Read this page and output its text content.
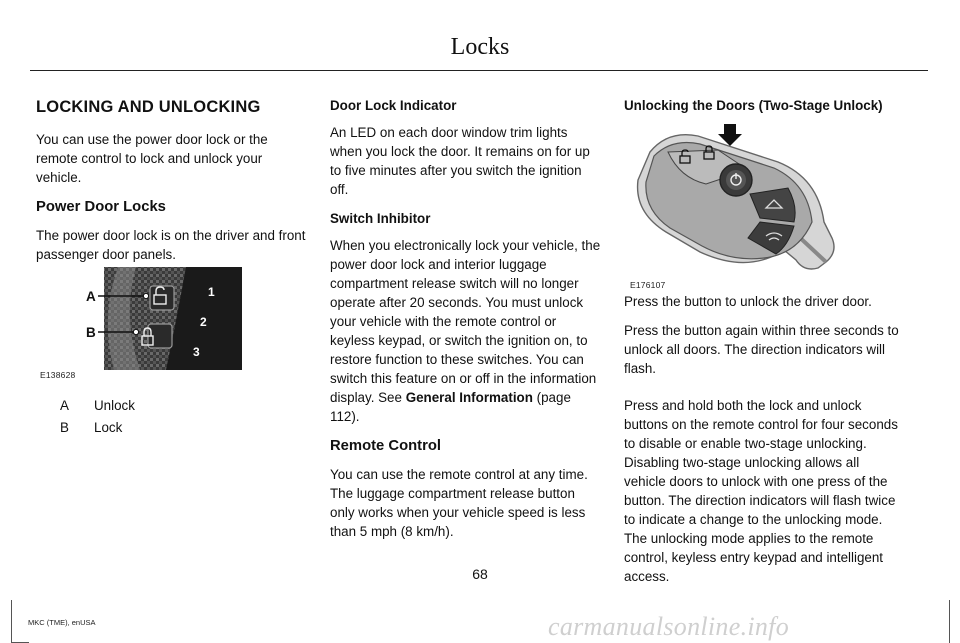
Locks
LOCKING AND UNLOCKING

You can use the power door lock or the remote control to lock and unlock your vehicle.

Power Door Locks

The power door lock is on the driver and front passenger door panels.

A
B
1
2
3
E138628
A Unlock
B Lock
Door Lock Indicator

An LED on each door window trim lights when you lock the door. It remains on for up to five minutes after you switch the ignition off.

Switch Inhibitor

When you electronically lock your vehicle, the power door lock and interior luggage compartment release switch will no longer operate after 20 seconds. You must unlock your vehicle with the remote control or keyless keypad, or switch the ignition on, to restore function to these switches. You can switch this feature on or off in the information display. See General Information (page 112).

Remote Control

You can use the remote control at any time. The luggage compartment release button only works when your vehicle speed is less than 5 mph (8 km/h).

Unlocking the Doors (Two-Stage Unlock)
E176107

Press the button to unlock the driver door.

Press the button again within three seconds to unlock all doors. The direction indicators will flash.

Press and hold both the lock and unlock buttons on the remote control for four seconds to disable or enable two-stage unlocking. Disabling two-stage unlocking allows all vehicle doors to unlock with one press of the button. The direction indicators will flash twice to indicate a change to the unlocking mode. The unlocking mode applies to the remote control, keyless entry keypad and intelligent access.

68
MKC (TME), enUSA	carmanualsonline.info
